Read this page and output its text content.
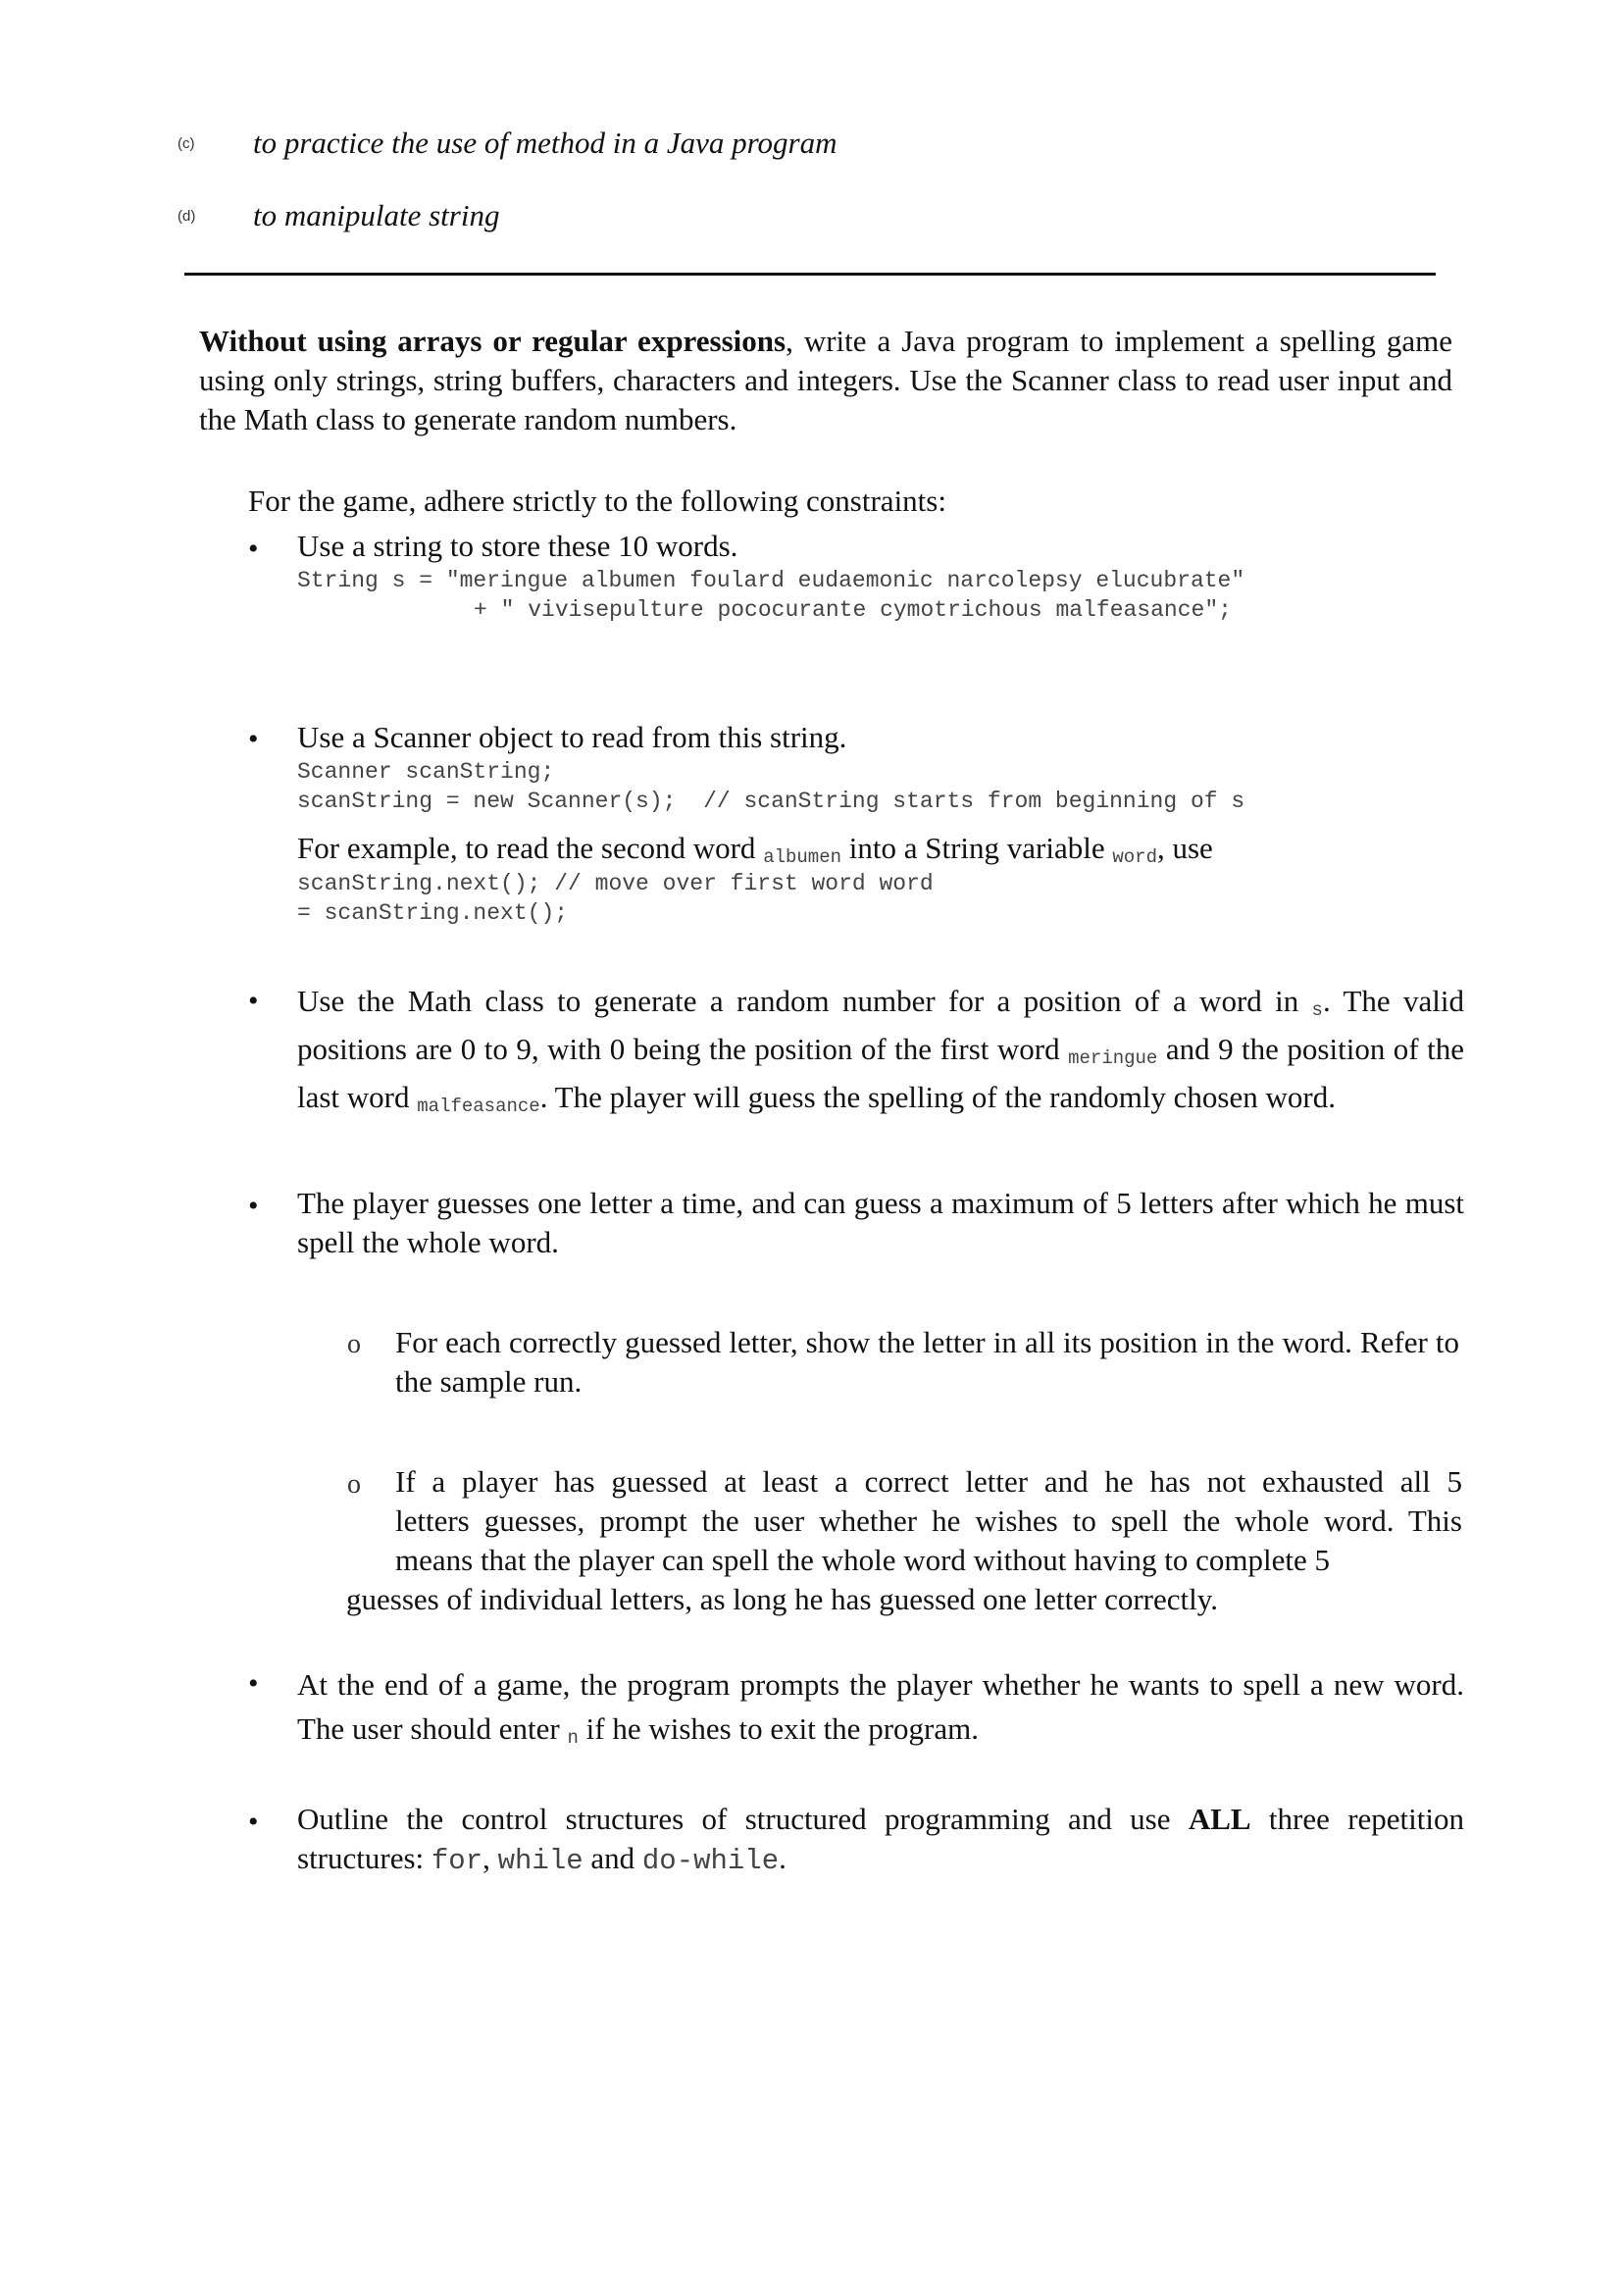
(c) to practice the use of method in a Java program
(d) to manipulate string
Without using arrays or regular expressions, write a Java program to implement a spelling game using only strings, string buffers, characters and integers. Use the Scanner class to read user input and the Math class to generate random numbers.
For the game, adhere strictly to the following constraints:
• Use a string to store these 10 words.
String s = "meringue albumen foulard eudaemonic narcolepsy elucubrate"
+ " vivisepulture pococurante cymotrichous malfeasance";
• Use a Scanner object to read from this string.
Scanner scanString;
scanString = new Scanner(s);  // scanString starts from beginning of s
For example, to read the second word albumen into a String variable word, use
scanString.next(); // move over first word word
= scanString.next();
• Use the Math class to generate a random number for a position of a word in s. The valid positions are 0 to 9, with 0 being the position of the first word meringue and 9 the position of the last word malfeasance. The player will guess the spelling of the randomly chosen word.
• The player guesses one letter a time, and can guess a maximum of 5 letters after which he must spell the whole word.
o For each correctly guessed letter, show the letter in all its position in the word. Refer to the sample run.
o If a player has guessed at least a correct letter and he has not exhausted all 5
letters guesses, prompt the user whether he wishes to spell the whole word. This
means that the player can spell the whole word without having to complete 5
guesses of individual letters, as long he has guessed one letter correctly.
• At the end of a game, the program prompts the player whether he wants to spell a new word. The user should enter n if he wishes to exit the program.
• Outline the control structures of structured programming and use ALL three repetition structures: for, while and do-while.
